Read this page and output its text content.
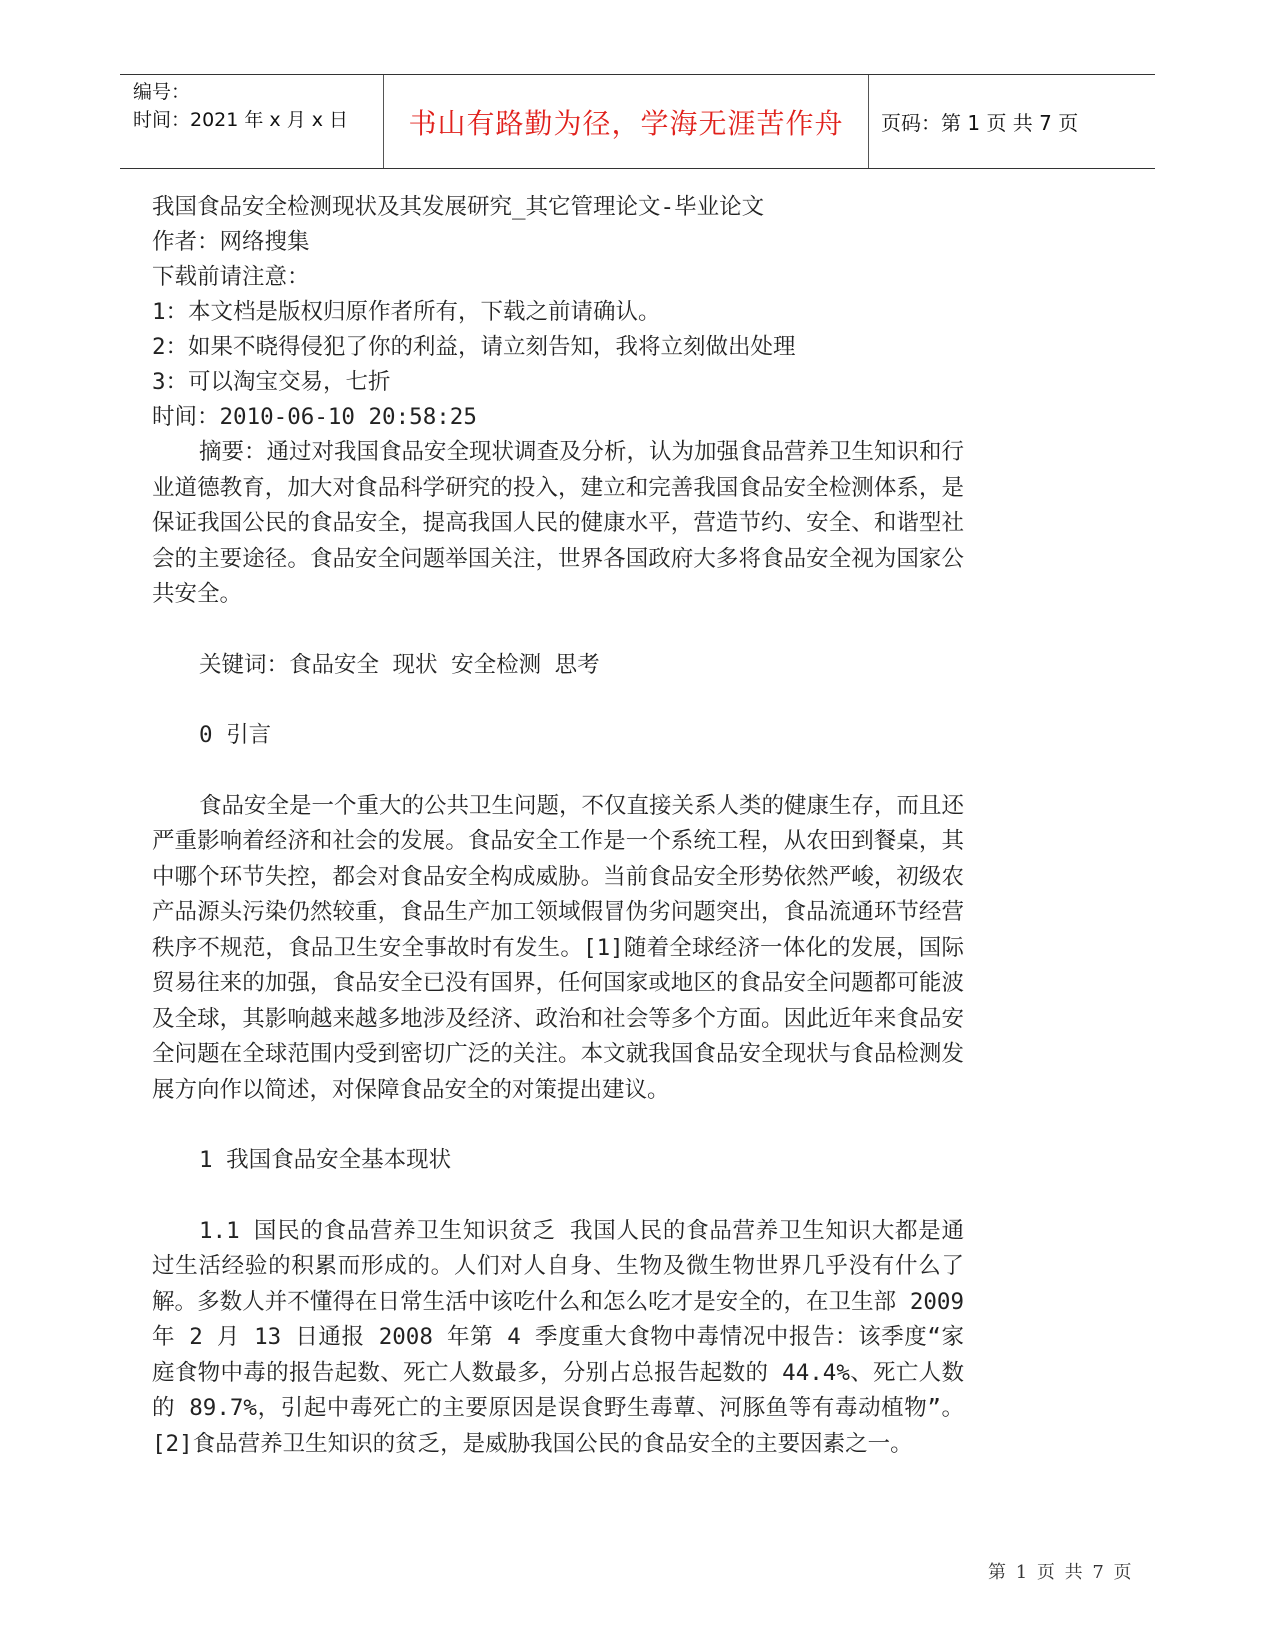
编号：
时间：2021 年 x 月 x 日	书山有路勤为径，学海无涯苦作舟	页码：第 1 页 共 7 页
我国食品安全检测现状及其发展研究_其它管理论文-毕业论文
作者：网络搜集
下载前请注意：
1：本文档是版权归原作者所有，下载之前请确认。
2：如果不晓得侵犯了你的利益，请立刻告知，我将立刻做出处理
3：可以淘宝交易，七折
时间：2010-06-10 20:58:25

摘要：通过对我国食品安全现状调查及分析，认为加强食品营养卫生知识和行业道德教育，加大对食品科学研究的投入，建立和完善我国食品安全检测体系，是保证我国公民的食品安全，提高我国人民的健康水平，营造节约、安全、和谐型社会的主要途径。食品安全问题举国关注，世界各国政府大多将食品安全视为国家公共安全。

关键词：食品安全 现状 安全检测 思考

0 引言

食品安全是一个重大的公共卫生问题，不仅直接关系人类的健康生存，而且还严重影响着经济和社会的发展。食品安全工作是一个系统工程，从农田到餐桌，其中哪个环节失控，都会对食品安全构成威胁。当前食品安全形势依然严峻，初级农产品源头污染仍然较重，食品生产加工领域假冒伪劣问题突出，食品流通环节经营秩序不规范，食品卫生安全事故时有发生。[1]随着全球经济一体化的发展，国际贸易往来的加强，食品安全已没有国界，任何国家或地区的食品安全问题都可能波及全球，其影响越来越多地涉及经济、政治和社会等多个方面。因此近年来食品安全问题在全球范围内受到密切广泛的关注。本文就我国食品安全现状与食品检测发展方向作以简述，对保障食品安全的对策提出建议。

1 我国食品安全基本现状

1.1 国民的食品营养卫生知识贫乏 我国人民的食品营养卫生知识大都是通过生活经验的积累而形成的。人们对人自身、生物及微生物世界几乎没有什么了解。多数人并不懂得在日常生活中该吃什么和怎么吃才是安全的，在卫生部 2009 年 2 月 13 日通报 2008 年第 4 季度重大食物中毒情况中报告：该季度“家庭食物中毒的报告起数、死亡人数最多，分别占总报告起数的 44.4%、死亡人数的 89.7%，引起中毒死亡的主要原因是误食野生毒蕈、河豚鱼等有毒动植物”。[2]食品营养卫生知识的贫乏，是威胁我国公民的食品安全的主要因素之一。

第 1 页 共 7 页
